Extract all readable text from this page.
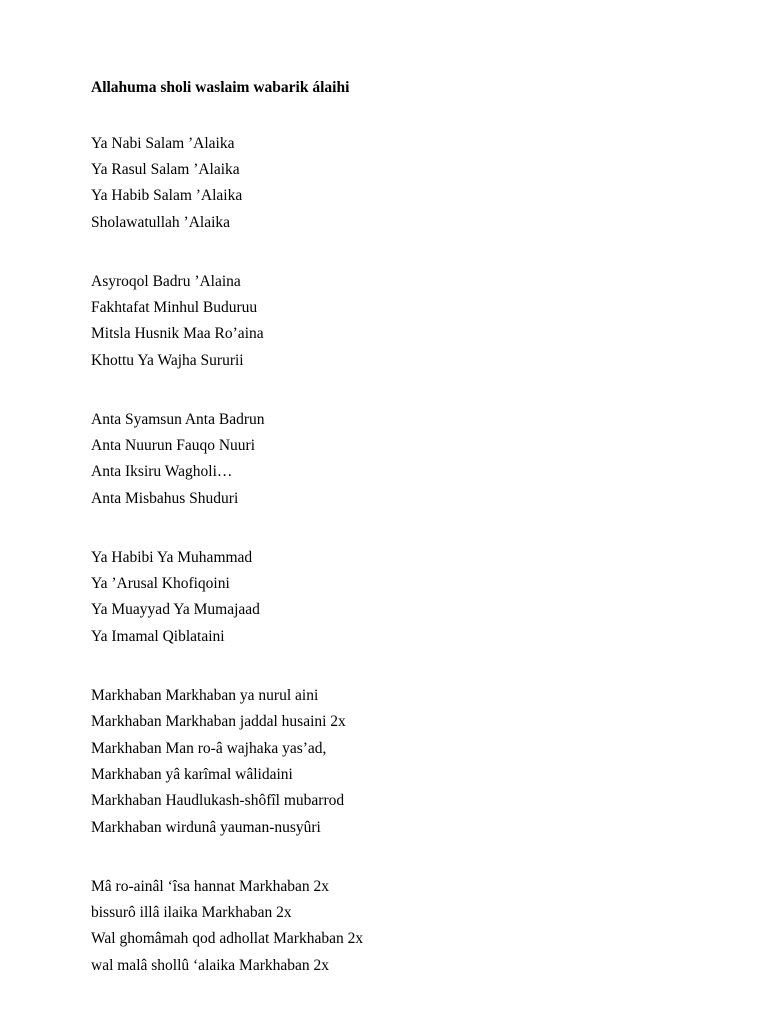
Allahuma sholi waslaim wabarik álaihi
Ya Nabi Salam ’Alaika
Ya Rasul Salam ’Alaika
Ya Habib Salam ’Alaika
Sholawatullah ’Alaika
Asyroqol Badru ’Alaina
Fakhtafat Minhul Buduruu
Mitsla Husnik Maa Ro’aina
Khottu Ya Wajha Sururii
Anta Syamsun Anta Badrun
Anta Nuurun Fauqo Nuuri
Anta Iksiru Wagholi…
Anta Misbahus Shuduri
Ya Habibi Ya Muhammad
Ya ’Arusal Khofiqoini
Ya Muayyad Ya Mumajaad
Ya Imamal Qiblataini
Markhaban Markhaban ya nurul aini
Markhaban Markhaban jaddal husaini 2x
Markhaban Man ro-â wajhaka yas’ad,
Markhaban yâ karîmal wâlidaini
Markhaban Haudlukash-shôfîl mubarrod
Markhaban wirdunâ yauman-nusyûri
Mâ ro-ainâl ‘îsa hannat Markhaban 2x
bissurô illâ ilaika Markhaban 2x
Wal ghomâmah qod adhollat Markhaban 2x
wal malâ shollû ‘alaika Markhaban 2x
